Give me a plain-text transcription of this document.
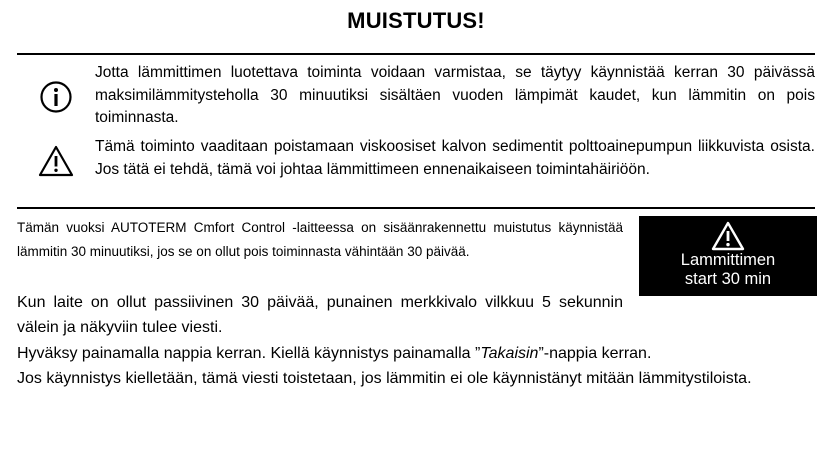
MUISTUTUS!
Jotta lämmittimen luotettava toiminta voidaan varmistaa, se täytyy käynnistää kerran 30 päivässä maksimilämmitysteholla 30 minuutiksi sisältäen vuoden lämpimät kaudet, kun lämmitin on pois toiminnasta.
Tämä toiminto vaaditaan poistamaan viskoosiset kalvon sedimentit polttoainepumpun liikkuvista osista. Jos tätä ei tehdä, tämä voi johtaa lämmittimeen ennenaikaiseen toimintahäiriöön.
Tämän vuoksi AUTOTERM Cmfort Control -laitteessa on sisäänrakennettu muistutus käynnistää lämmitin 30 minuutiksi, jos se on ollut pois toiminnasta vähintään 30 päivää.	Lammittimen
start 30 min
Kun laite on ollut passiivinen 30 päivää, punainen merkkivalo vilkkuu 5 sekunnin välein ja näkyviin tulee viesti.
Hyväksy painamalla nappia kerran. Kiellä käynnistys painamalla ”Takaisin”-nappia kerran.
Jos käynnistys kielletään, tämä viesti toistetaan, jos lämmitin ei ole käynnistänyt mitään lämmitystiloista.
